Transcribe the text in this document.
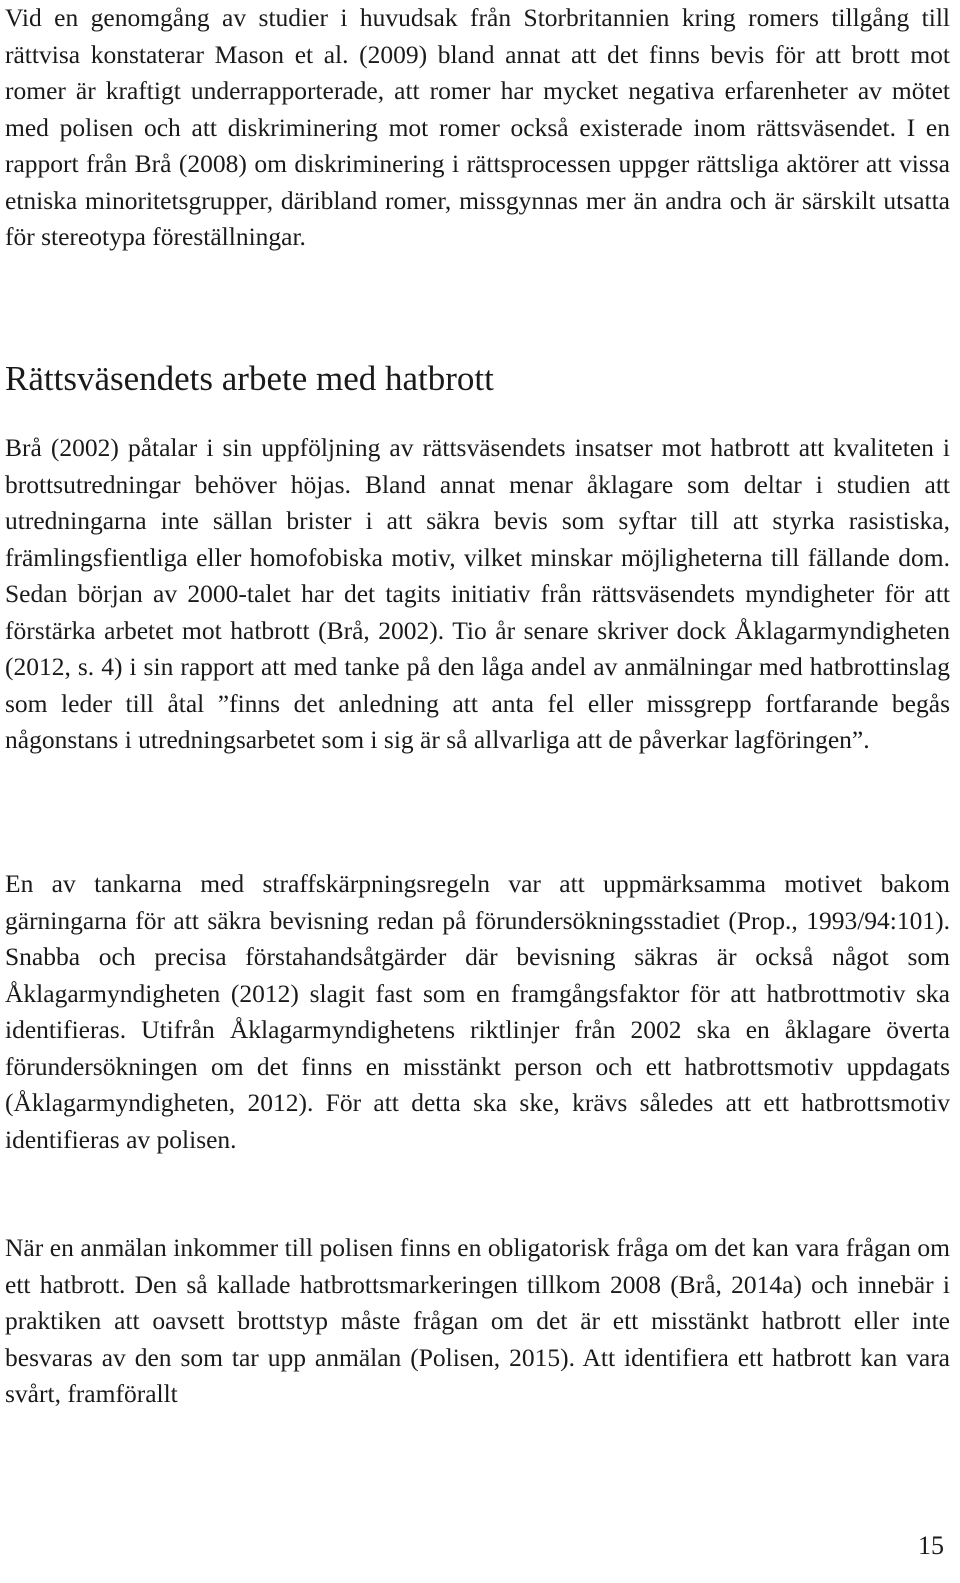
Vid en genomgång av studier i huvudsak från Storbritannien kring romers tillgång till rättvisa konstaterar Mason et al. (2009) bland annat att det finns bevis för att brott mot romer är kraftigt underrapporterade, att romer har mycket negativa erfarenheter av mötet med polisen och att diskriminering mot romer också existerade inom rättsväsendet. I en rapport från Brå (2008) om diskriminering i rättsprocessen uppger rättsliga aktörer att vissa etniska minoritetsgrupper, däribland romer, missgynnas mer än andra och är särskilt utsatta för stereotypa föreställningar.

Rättsväsendets arbete med hatbrott

Brå (2002) påtalar i sin uppföljning av rättsväsendets insatser mot hatbrott att kvaliteten i brottsutredningar behöver höjas. Bland annat menar åklagare som deltar i studien att utredningarna inte sällan brister i att säkra bevis som syftar till att styrka rasistiska, främlingsfientliga eller homofobiska motiv, vilket minskar möjligheterna till fällande dom. Sedan början av 2000-talet har det tagits initiativ från rättsväsendets myndigheter för att förstärka arbetet mot hatbrott (Brå, 2002). Tio år senare skriver dock Åklagarmyndigheten (2012, s. 4) i sin rapport att med tanke på den låga andel av anmälningar med hatbrottinslag som leder till åtal ”finns det anledning att anta fel eller missgrepp fortfarande begås någonstans i utredningsarbetet som i sig är så allvarliga att de påverkar lagföringen”.

En av tankarna med straffskärpningsregeln var att uppmärksamma motivet bakom gärningarna för att säkra bevisning redan på förundersökningsstadiet (Prop., 1993/94:101). Snabba och precisa förstahandsåtgärder där bevisning säkras är också något som Åklagarmyndigheten (2012) slagit fast som en framgångsfaktor för att hatbrottmotiv ska identifieras. Utifrån Åklagarmyndighetens riktlinjer från 2002 ska en åklagare överta förundersökningen om det finns en misstänkt person och ett hatbrottsmotiv uppdagats (Åklagarmyndigheten, 2012). För att detta ska ske, krävs således att ett hatbrottsmotiv identifieras av polisen.

När en anmälan inkommer till polisen finns en obligatorisk fråga om det kan vara frågan om ett hatbrott. Den så kallade hatbrottsmarkeringen tillkom 2008 (Brå, 2014a) och innebär i praktiken att oavsett brottstyp måste frågan om det är ett misstänkt hatbrott eller inte besvaras av den som tar upp anmälan (Polisen, 2015). Att identifiera ett hatbrott kan vara svårt, framförallt

15
